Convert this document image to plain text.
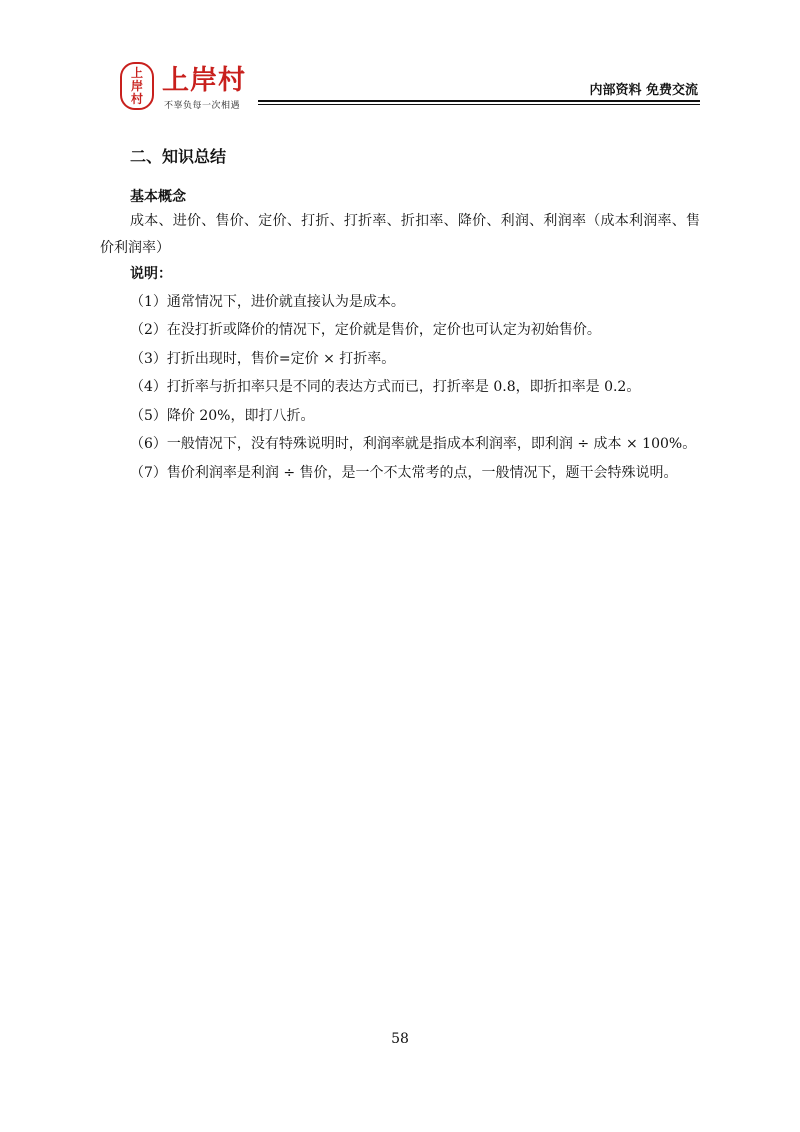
上岸村
上岸村
不辜负每一次相遇
内部资料 免费交流
二、知识总结
基本概念
成本、进价、售价、定价、打折、打折率、折扣率、降价、利润、利润率（成本利润率、售价利润率）
说明：
（1）通常情况下，进价就直接认为是成本。
（2）在没打折或降价的情况下，定价就是售价，定价也可认定为初始售价。
（3）打折出现时，售价=定价 × 打折率。
（4）打折率与折扣率只是不同的表达方式而已，打折率是 0.8，即折扣率是 0.2。
（5）降价 20%，即打八折。
（6）一般情况下，没有特殊说明时，利润率就是指成本利润率，即利润 ÷ 成本 × 100%。
（7）售价利润率是利润 ÷ 售价，是一个不太常考的点，一般情况下，题干会特殊说明。
58
